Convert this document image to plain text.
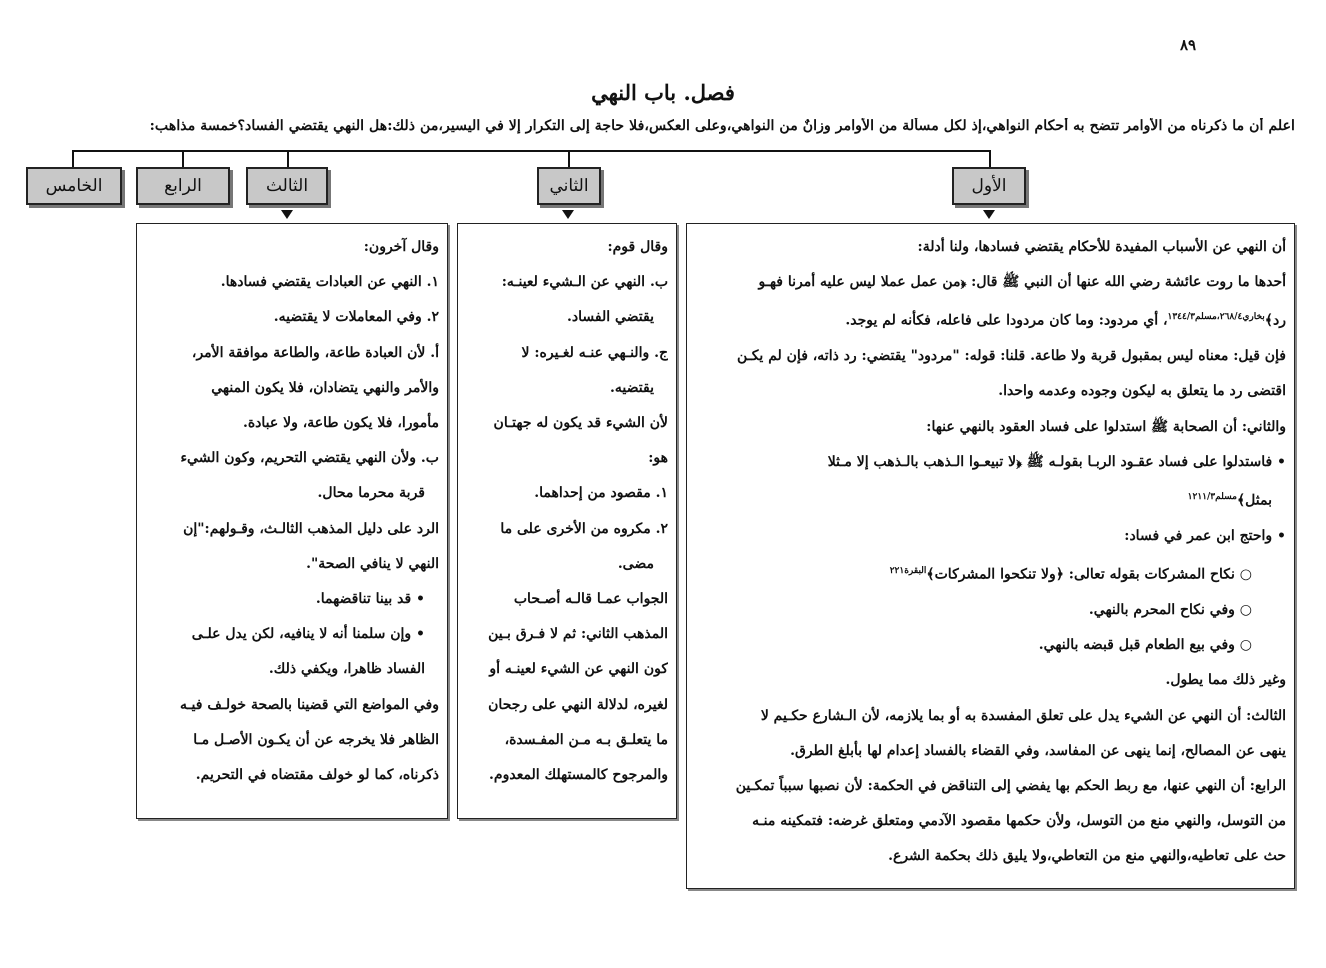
٨٩
فصل. باب النهي
اعلم أن ما ذكرناه من الأوامر تتضح به أحكام النواهي،إذ لكل مسألة من الأوامر وزانٌ من النواهي،وعلى العكس،فلا حاجة إلى التكرار إلا في اليسير،من ذلك:هل النهي يقتضي الفساد؟خمسة مذاهب:
الأول
الثاني
الثالث
الرابع
الخامس

أن النهي عن الأسباب المفيدة للأحكام يقتضي فسادها، ولنا أدلة:

أحدها ما روت عائشة رضي الله عنها أن النبي ﷺ قال: ﴿من عمل عملا ليس عليه أمرنا فهـو

رد﴾$^{بخاري٢٦٨/٤،مسلم١٣٤٤/٣}$، أي مردود: وما كان مردودا على فاعله، فكأنه لم يوجد.

فإن قيل: معناه ليس بمقبول قربة ولا طاعة. قلنا: قوله: "مردود" يقتضي: رد ذاته، فإن لم يكـن

اقتضى رد ما يتعلق به ليكون وجوده وعدمه واحدا.

والثاني: أن الصحابة ﷺ استدلوا على فساد العقود بالنهي عنها:

• فاستدلوا على فساد عقـود الربـا بقولـه ﷺ ﴿لا تبيعـوا الـذهب بالـذهب إلا مـثلا

بمثل﴾$^{مسلم١٢١١/٣}$

• واحتج ابن عمر في فساد:

○ نكاح المشركات بقوله تعالى: ﴿ولا تنكحوا المشركات﴾$^{البقرة٢٢١}$

○ وفي نكاح المحرم بالنهي.

○ وفي بيع الطعام قبل قبضه بالنهي.

وغير ذلك مما يطول.

الثالث: أن النهي عن الشيء يدل على تعلق المفسدة به أو بما يلازمه، لأن الـشارع حكـيم لا

ينهى عن المصالح، إنما ينهى عن المفاسد، وفي القضاء بالفساد إعدام لها بأبلغ الطرق.

الرابع: أن النهي عنها، مع ربط الحكم بها يفضي إلى التناقض في الحكمة: لأن نصبها سبباً تمكـين

من التوسل، والنهي منع من التوسل، ولأن حكمها مقصود الآدمي ومتعلق غرضه: فتمكينه منـه

حث على تعاطيه،والنهي منع من التعاطي،ولا يليق ذلك بحكمة الشرع.

وقال قوم:

ب. النهي عن الـشيء لعينـه:

يقتضي الفساد.

ج. والنـهي عنـه لغـيره: لا

يقتضيه.

لأن الشيء قد يكون له جهتـان

هو:

١. مقصود من إحداهما.

٢. مكروه من الأخرى على ما

مضى.

الجواب عمـا قالـه أصـحاب

المذهب الثاني: ثم لا فـرق بـين

كون النهي عن الشيء لعينـه أو

لغيره، لدلالة النهي على رجحان

ما يتعلـق بـه مـن المفـسدة،

والمرجوح كالمستهلك المعدوم.

وقال آخرون:

١. النهي عن العبادات يقتضي فسادها.

٢. وفي المعاملات لا يقتضيه.

أ. لأن العبادة طاعة، والطاعة موافقة الأمر،

والأمر والنهي يتضادان، فلا يكون المنهي

مأمورا، فلا يكون طاعة، ولا عبادة.

ب. ولأن النهي يقتضي التحريم، وكون الشيء

قربة محرما محال.

الرد على دليل المذهب الثالـث، وقـولهم:"إن

النهي لا ينافي الصحة".

• قد بينا تناقضهما.

• وإن سلمنا أنه لا ينافيه، لكن يدل علـى

الفساد ظاهرا، ويكفي ذلك.

وفي المواضع التي قضينا بالصحة خولـف فيـه

الظاهر فلا يخرجه عن أن يكـون الأصـل مـا

ذكرناه، كما لو خولف مقتضاه في التحريم.
